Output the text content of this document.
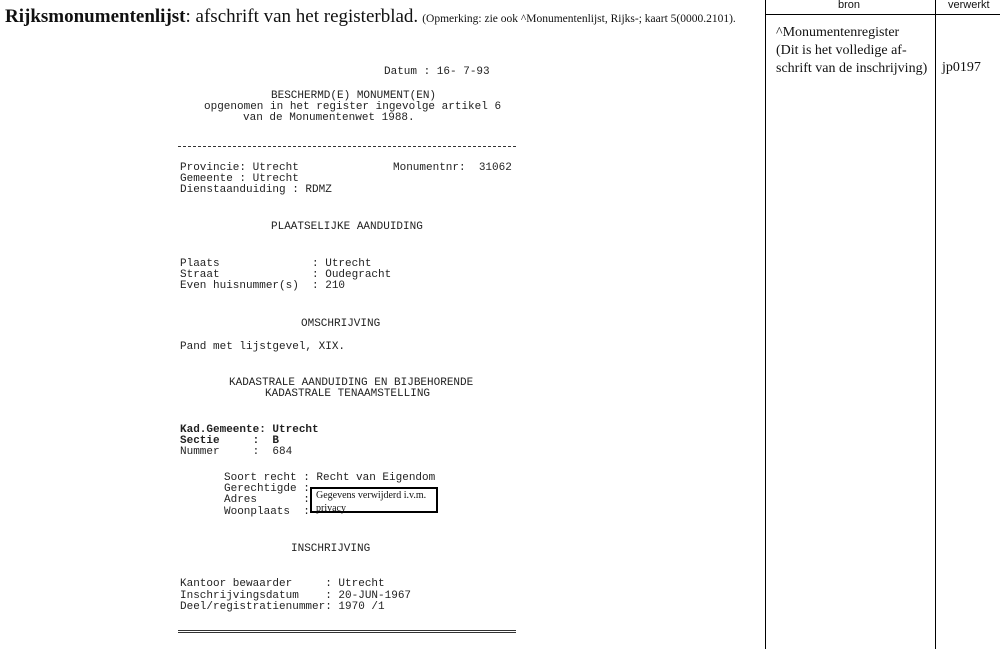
Rijksmonumentenlijst: afschrift van het registerblad. (Opmerking: zie ook ^Monumentenlijst, Rijks-; kaart 5(0000.2101).
bron	verwerkt
^Monumentenregister
(Dit is het volledige af-
schrift van de inschrijving)	jp0197
Datum : 16- 7-93
BESCHERMD(E) MONUMENT(EN)
opgenomen in het register ingevolge artikel 6
van de Monumentenwet 1988.
Provincie: Utrecht	Monumentnr:  31062
Gemeente : Utrecht
Dienstaanduiding : RDMZ
PLAATSELIJKE AANDUIDING
Plaats              : Utrecht
Straat              : Oudegracht
Even huisnummer(s)  : 210
OMSCHRIJVING
Pand met lijstgevel, XIX.
KADASTRALE AANDUIDING EN BIJBEHORENDE
KADASTRALE TENAAMSTELLING
Kad.Gemeente: Utrecht
Sectie     :  B
Nummer     :  684
Soort recht : Recht van Eigendom
Gerechtigde :
Adres       :
Woonplaats  :
Gegevens verwijderd i.v.m. privacy
INSCHRIJVING
Kantoor bewaarder     : Utrecht
Inschrijvingsdatum    : 20-JUN-1967
Deel/registratienummer: 1970 /1
